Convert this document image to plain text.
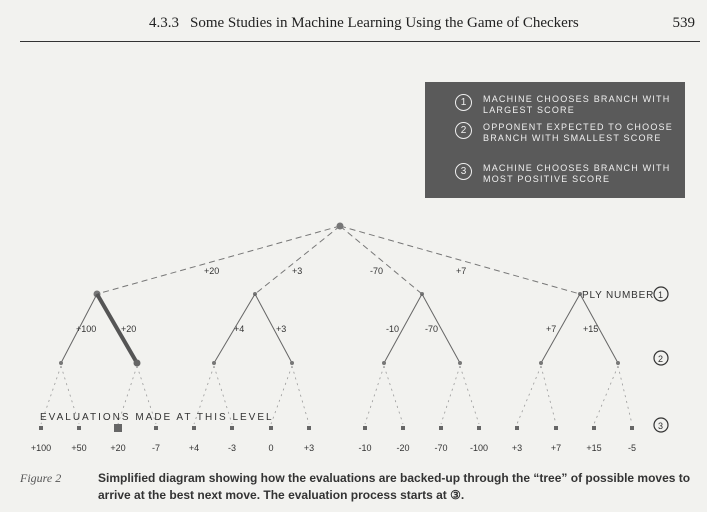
4.3.3 Some Studies in Machine Learning Using the Game of Checkers	539
1	MACHINE CHOOSES BRANCH WITH LARGEST SCORE
2	OPPONENT EXPECTED TO CHOOSE BRANCH WITH SMALLEST SCORE
3	MACHINE CHOOSES BRANCH WITH MOST POSITIVE SCORE
+20	+3	-70	+7
PLY NUMBER 1
+100	+20	+4	+3	-10	-70	+7	+15
2
EVALUATIONS MADE AT THIS LEVEL
+100 +50	+20	-7	+4	-3	0	+3	-10	-20	-70 -100	+3	+7	+15	-5
3
Figure 2	Simplified diagram showing how the evaluations are backed-up through the “tree” of possible moves to arrive at the best next move. The evaluation process starts at ③.
